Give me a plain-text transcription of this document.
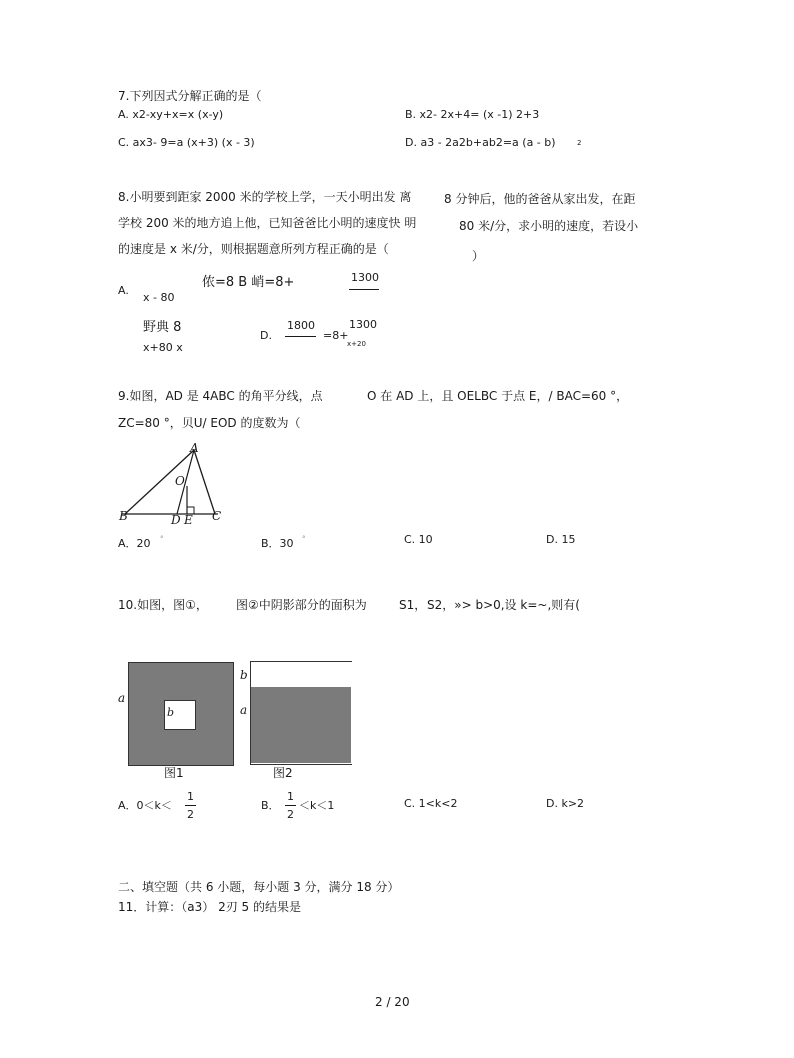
7.下列因式分解正确的是（
A. x2-xy+x=x (x-y)	B. x2- 2x+4= (x -1) 2+3
C. ax3- 9=a (x+3) (x - 3)	D. a3 - 2a2b+ab2=a (a - b)	2
8.小明要到距家 2000 米的学校上学，一天小明出发 离	8 分钟后，他的爸爸从家出发，在距
学校 200 米的地方追上他，已知爸爸比小明的速度快 明	80 米/分，求小明的速度，若设小
的速度是 x 米/分，则根据题意所列方程正确的是（	）
A.
x - 80
侬=8 B 峭=8+	1300
野典 8
x+80 x
D.
1800
=8+
1300
x+20
9.如图，AD 是 4ABC 的角平分线，点	O 在 AD 上，且 OELBC 于点 E，/ BAC=60 °，
ZC=80 °，贝U/ EOD 的度数为（
A
B	C
D E
O
A．20 °	B．30 °	C. 10	D. 15
10.如图，图①， 图②中阴影部分的面积为	S1， S2，»> b>0,设 k=~,则有(
a
b
图1
b
a
图2
A．0＜k＜
1
2
B．
1
2
＜k＜1	C. 1<k<2	D. k>2
二、填空题（共 6 小题，每小题 3 分，满分 18 分）
11．计算：（a3） 2刃 5 的结果是
2 / 20
